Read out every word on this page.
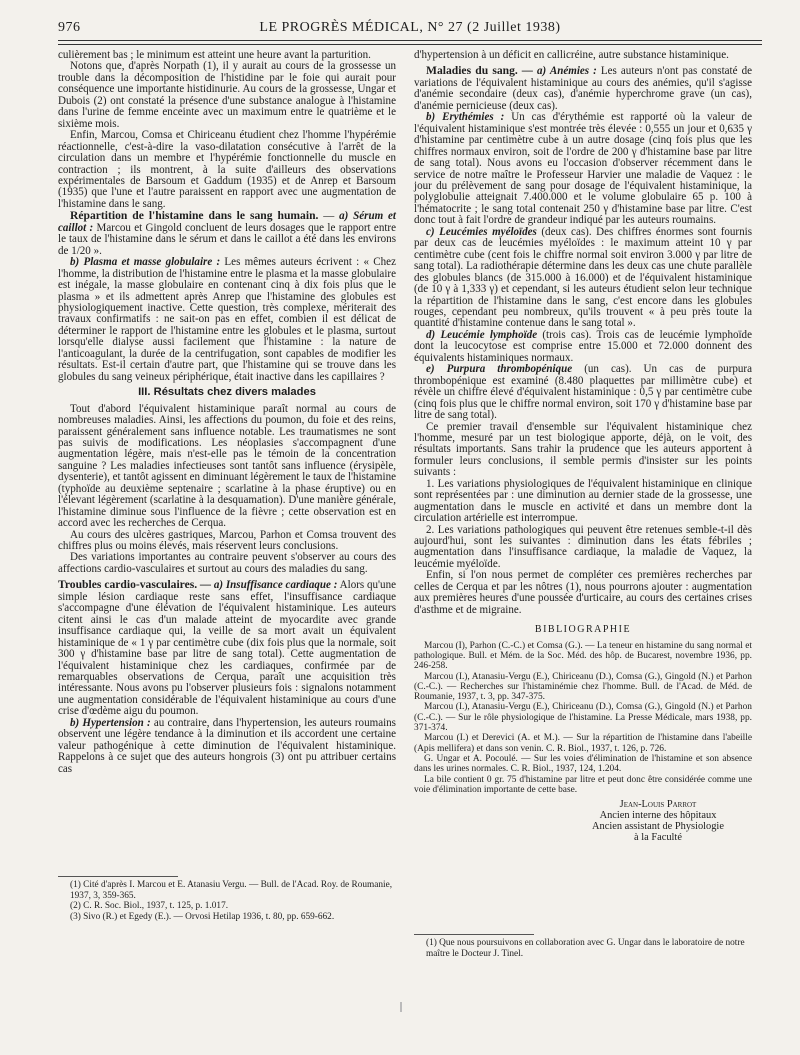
976	LE PROGRÈS MÉDICAL, N° 27 (2 Juillet 1938)

culièrement bas ; le minimum est atteint une heure avant la parturition.

Notons que, d'après Norpath (1), il y aurait au cours de la grossesse un trouble dans la décomposition de l'histidine par le foie qui aurait pour conséquence une importante histidinurie. Au cours de la grossesse, Ungar et Dubois (2) ont constaté la présence d'une substance analogue à l'histamine dans l'urine de femme enceinte avec un maximum entre le quatrième et le sixième mois.

Enfin, Marcou, Comsa et Chiriceanu étudient chez l'homme l'hypérémie réactionnelle, c'est-à-dire la vaso-dilatation consécutive à l'arrêt de la circulation dans un membre et l'hypérémie fonctionnelle du muscle en contraction ; ils montrent, à la suite d'ailleurs des observations expérimentales de Barsoum et Gaddum (1935) et de Anrep et Barsoum (1935) que l'une et l'autre paraissent en rapport avec une augmentation de l'histamine dans le sang.

Répartition de l'histamine dans le sang humain. — a) Sérum et caillot : Marcou et Gingold concluent de leurs dosages que le rapport entre le taux de l'histamine dans le sérum et dans le caillot a été dans les environs de 1/20 ».

b) Plasma et masse globulaire : Les mêmes auteurs écrivent : « Chez l'homme, la distribution de l'histamine entre le plasma et la masse globulaire est inégale, la masse globulaire en contenant cinq à dix fois plus que le plasma » et ils admettent après Anrep que l'histamine des globules est physiologiquement inactive. Cette question, très complexe, mériterait des travaux confirmatifs : ne sait-on pas en effet, combien il est délicat de déterminer le rapport de l'histamine entre les globules et le plasma, surtout lorsqu'elle dialyse aussi facilement que l'histamine : la nature de l'anticoagulant, la durée de la centrifugation, sont capables de modifier les résultats. Est-il certain d'autre part, que l'histamine qui se trouve dans les globules du sang veineux périphérique, était inactive dans les capillaires ?

III. Résultats chez divers malades

Tout d'abord l'équivalent histaminique paraît normal au cours de nombreuses maladies. Ainsi, les affections du poumon, du foie et des reins, paraissent généralement sans influence notable. Les traumatismes ne sont pas suivis de modifications. Les néoplasies s'accompagnent d'une augmentation légère, mais n'est-elle pas le témoin de la concentration sanguine ? Les maladies infectieuses sont tantôt sans influence (érysipèle, dysenterie), et tantôt agissent en diminuant légèrement le taux de l'histamine (typhoïde au deuxième septenaire ; scarlatine à la phase éruptive) ou en l'élevant légèrement (scarlatine à la desquamation). D'une manière générale, l'histamine diminue sous l'influence de la fièvre ; cette observation est en accord avec les recherches de Cerqua.

Au cours des ulcères gastriques, Marcou, Parhon et Comsa trouvent des chiffres plus ou moins élevés, mais réservent leurs conclusions.

Des variations importantes au contraire peuvent s'observer au cours des affections cardio-vasculaires et surtout au cours des maladies du sang.

Troubles cardio-vasculaires. — a) Insuffisance cardiaque : Alors qu'une simple lésion cardiaque reste sans effet, l'insuffisance cardiaque s'accompagne d'une élévation de l'équivalent histaminique. Les auteurs citent ainsi le cas d'un malade atteint de myocardite avec grande insuffisance cardiaque qui, la veille de sa mort avait un équivalent histaminique de « 1 γ par centimètre cube (dix fois plus que la normale, soit 300 γ d'histamine base par litre de sang total). Cette augmentation de l'équivalent histaminique chez les cardiaques, confirmée par de remarquables observations de Cerqua, paraît une acquisition très intéressante. Nous avons pu l'observer plusieurs fois : signalons notamment une augmentation considérable de l'équivalent histaminique au cours d'une crise d'œdème aigu du poumon.

b) Hypertension : au contraire, dans l'hypertension, les auteurs roumains observent une légère tendance à la diminution et ils accordent une certaine valeur pathogénique à cette diminution de l'équivalent histaminique. Rappelons à ce sujet que des auteurs hongrois (3) ont pu attribuer certains cas

d'hypertension à un déficit en callicréine, autre substance histaminique.

Maladies du sang. — a) Anémies : Les auteurs n'ont pas constaté de variations de l'équivalent histaminique au cours des anémies, qu'il s'agisse d'anémie secondaire (deux cas), d'anémie hyperchrome grave (un cas), d'anémie pernicieuse (deux cas).

b) Erythémies : Un cas d'érythémie est rapporté où la valeur de l'équivalent histaminique s'est montrée très élevée : 0,555 un jour et 0,635 γ d'histamine par centimètre cube à un autre dosage (cinq fois plus que les chiffres normaux environ, soit de l'ordre de 200 γ d'histamine base par litre de sang total). Nous avons eu l'occasion d'observer récemment dans le service de notre maître le Professeur Harvier une maladie de Vaquez : le jour du prélèvement de sang pour dosage de l'équivalent histaminique, la polyglobulie atteignait 7.400.000 et le volume globulaire 65 p. 100 à l'hématocrite ; le sang total contenait 250 γ d'histamine base par litre. C'est donc tout à fait l'ordre de grandeur indiqué par les auteurs roumains.

c) Leucémies myéloïdes (deux cas). Des chiffres énormes sont fournis par deux cas de leucémies myéloïdes : le maximum atteint 10 γ par centimètre cube (cent fois le chiffre normal soit environ 3.000 γ par litre de sang total). La radiothérapie détermine dans les deux cas une chute parallèle des globules blancs (de 315.000 à 16.000) et de l'équivalent histaminique (de 10 γ à 1,333 γ) et cependant, si les auteurs étudient selon leur technique la répartition de l'histamine dans le sang, c'est encore dans les globules rouges, cependant peu nombreux, qu'ils trouvent « à peu près toute la quantité d'histamine contenue dans le sang total ».

d) Leucémie lymphoïde (trois cas). Trois cas de leucémie lymphoïde dont la leucocytose est comprise entre 15.000 et 72.000 donnent des équivalents histaminiques normaux.

e) Purpura thrombopénique (un cas). Un cas de purpura thrombopénique est examiné (8.480 plaquettes par millimètre cube) et révèle un chiffre élevé d'équivalent histaminique : 0,5 γ par centimètre cube (cinq fois plus que le chiffre normal environ, soit 170 γ d'histamine base par litre de sang total).

Ce premier travail d'ensemble sur l'équivalent histaminique chez l'homme, mesuré par un test biologique apporte, déjà, on le voit, des résultats importants. Sans trahir la prudence que les auteurs apportent à formuler leurs conclusions, il semble permis d'insister sur les points suivants :

1. Les variations physiologiques de l'équivalent histaminique en clinique sont représentées par : une diminution au dernier stade de la grossesse, une augmentation dans le muscle en activité et dans un membre dont la circulation artérielle est interrompue.

2. Les variations pathologiques qui peuvent être retenues semble-t-il dès aujourd'hui, sont les suivantes : diminution dans les états fébriles ; augmentation dans l'insuffisance cardiaque, la maladie de Vaquez, la leucémie myéloïde.

Enfin, si l'on nous permet de compléter ces premières recherches par celles de Cerqua et par les nôtres (1), nous pourrons ajouter : augmentation aux premières heures d'une poussée d'urticaire, au cours des certaines crises d'asthme et de migraine.

BIBLIOGRAPHIE

Marcou (I), Parhon (C.-C.) et Comsa (G.). — La teneur en histamine du sang normal et pathologique. Bull. et Mém. de la Soc. Méd. des hôp. de Bucarest, novembre 1936, pp. 246-258.

Marcou (I.), Atanasiu-Vergu (E.), Chiriceanu (D.), Comsa (G.), Gingold (N.) et Parhon (C.-C.). — Recherches sur l'histaminémie chez l'homme. Bull. de l'Acad. de Méd. de Roumanie, 1937, t. 3, pp. 347-375.

Marcou (I.), Atanasiu-Vergu (E.), Chiriceanu (D.), Comsa (G.), Gingold (N.) et Parhon (C.-C.). — Sur le rôle physiologique de l'histamine. La Presse Médicale, mars 1938, pp. 371-374.

Marcou (I.) et Derevici (A. et M.). — Sur la répartition de l'histamine dans l'abeille (Apis mellifera) et dans son venin. C. R. Biol., 1937, t. 126, p. 726.

G. Ungar et A. Pocoulé. — Sur les voies d'élimination de l'histamine et son absence dans les urines normales. C. R. Biol., 1937, 124, 1.204.

La bile contient 0 gr. 75 d'histamine par litre et peut donc être considérée comme une voie d'élimination importante de cette base.

Jean-Louis Parrot
Ancien interne des hôpitaux
Ancien assistant de Physiologie
à la Faculté

(1) Cité d'après I. Marcou et E. Atanasiu Vergu. — Bull. de l'Acad. Roy. de Roumanie, 1937, 3, 359-365.

(2) C. R. Soc. Biol., 1937, t. 125, p. 1.017.

(3) Sivo (R.) et Egedy (E.). — Orvosi Hetilap 1936, t. 80, pp. 659-662.

(1) Que nous poursuivons en collaboration avec G. Ungar dans le laboratoire de notre maître le Docteur J. Tinel.
